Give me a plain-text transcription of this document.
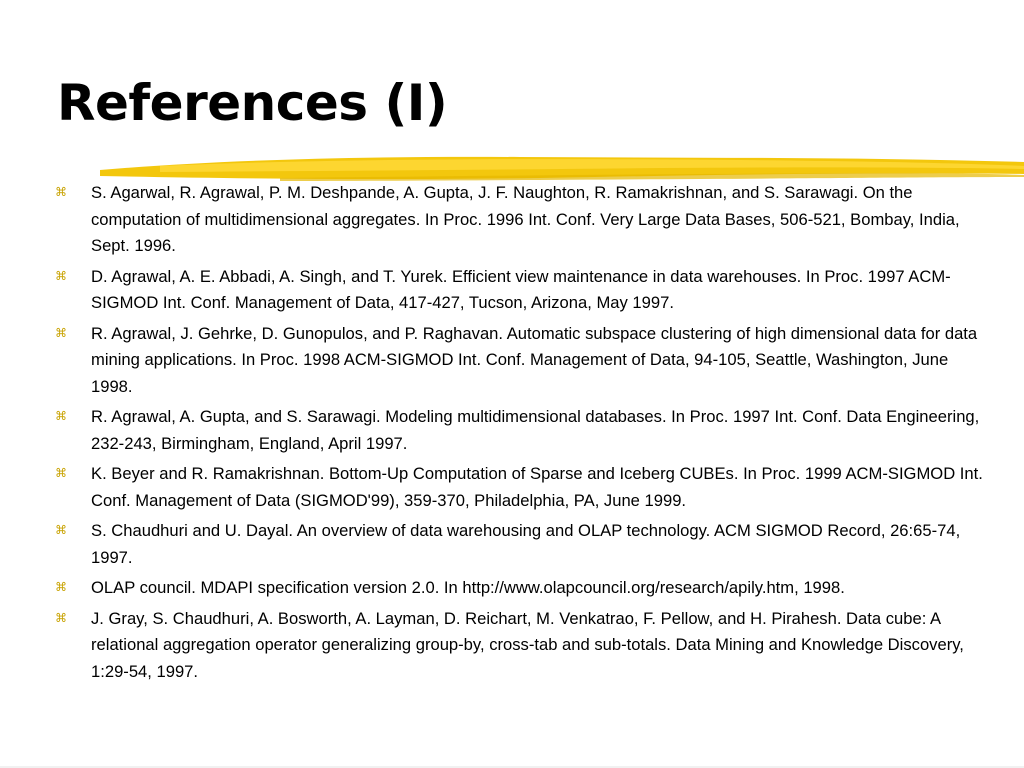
References (I)
⌘ S. Agarwal, R. Agrawal, P. M. Deshpande, A. Gupta, J. F. Naughton, R. Ramakrishnan, and S. Sarawagi. On the computation of multidimensional aggregates. In Proc. 1996 Int. Conf. Very Large Data Bases, 506-521, Bombay, India, Sept. 1996.
⌘ D. Agrawal, A. E. Abbadi, A. Singh, and T. Yurek. Efficient view maintenance in data warehouses. In Proc. 1997 ACM-SIGMOD Int. Conf. Management of Data, 417-427, Tucson, Arizona, May 1997.
⌘ R. Agrawal, J. Gehrke, D. Gunopulos, and P. Raghavan. Automatic subspace clustering of high dimensional data for data mining applications. In Proc. 1998 ACM-SIGMOD Int. Conf. Management of Data, 94-105, Seattle, Washington, June 1998.
⌘ R. Agrawal, A. Gupta, and S. Sarawagi. Modeling multidimensional databases. In Proc. 1997 Int. Conf. Data Engineering, 232-243, Birmingham, England, April 1997.
⌘ K. Beyer and R. Ramakrishnan. Bottom-Up Computation of Sparse and Iceberg CUBEs. In Proc. 1999 ACM-SIGMOD Int. Conf. Management of Data (SIGMOD'99), 359-370, Philadelphia, PA, June 1999.
⌘ S. Chaudhuri and U. Dayal. An overview of data warehousing and OLAP technology. ACM SIGMOD Record, 26:65-74, 1997.
⌘ OLAP council. MDAPI specification version 2.0. In http://www.olapcouncil.org/research/apily.htm, 1998.
⌘ J. Gray, S. Chaudhuri, A. Bosworth, A. Layman, D. Reichart, M. Venkatrao, F. Pellow, and H. Pirahesh. Data cube: A relational aggregation operator generalizing group-by, cross-tab and sub-totals. Data Mining and Knowledge Discovery, 1:29-54, 1997.
